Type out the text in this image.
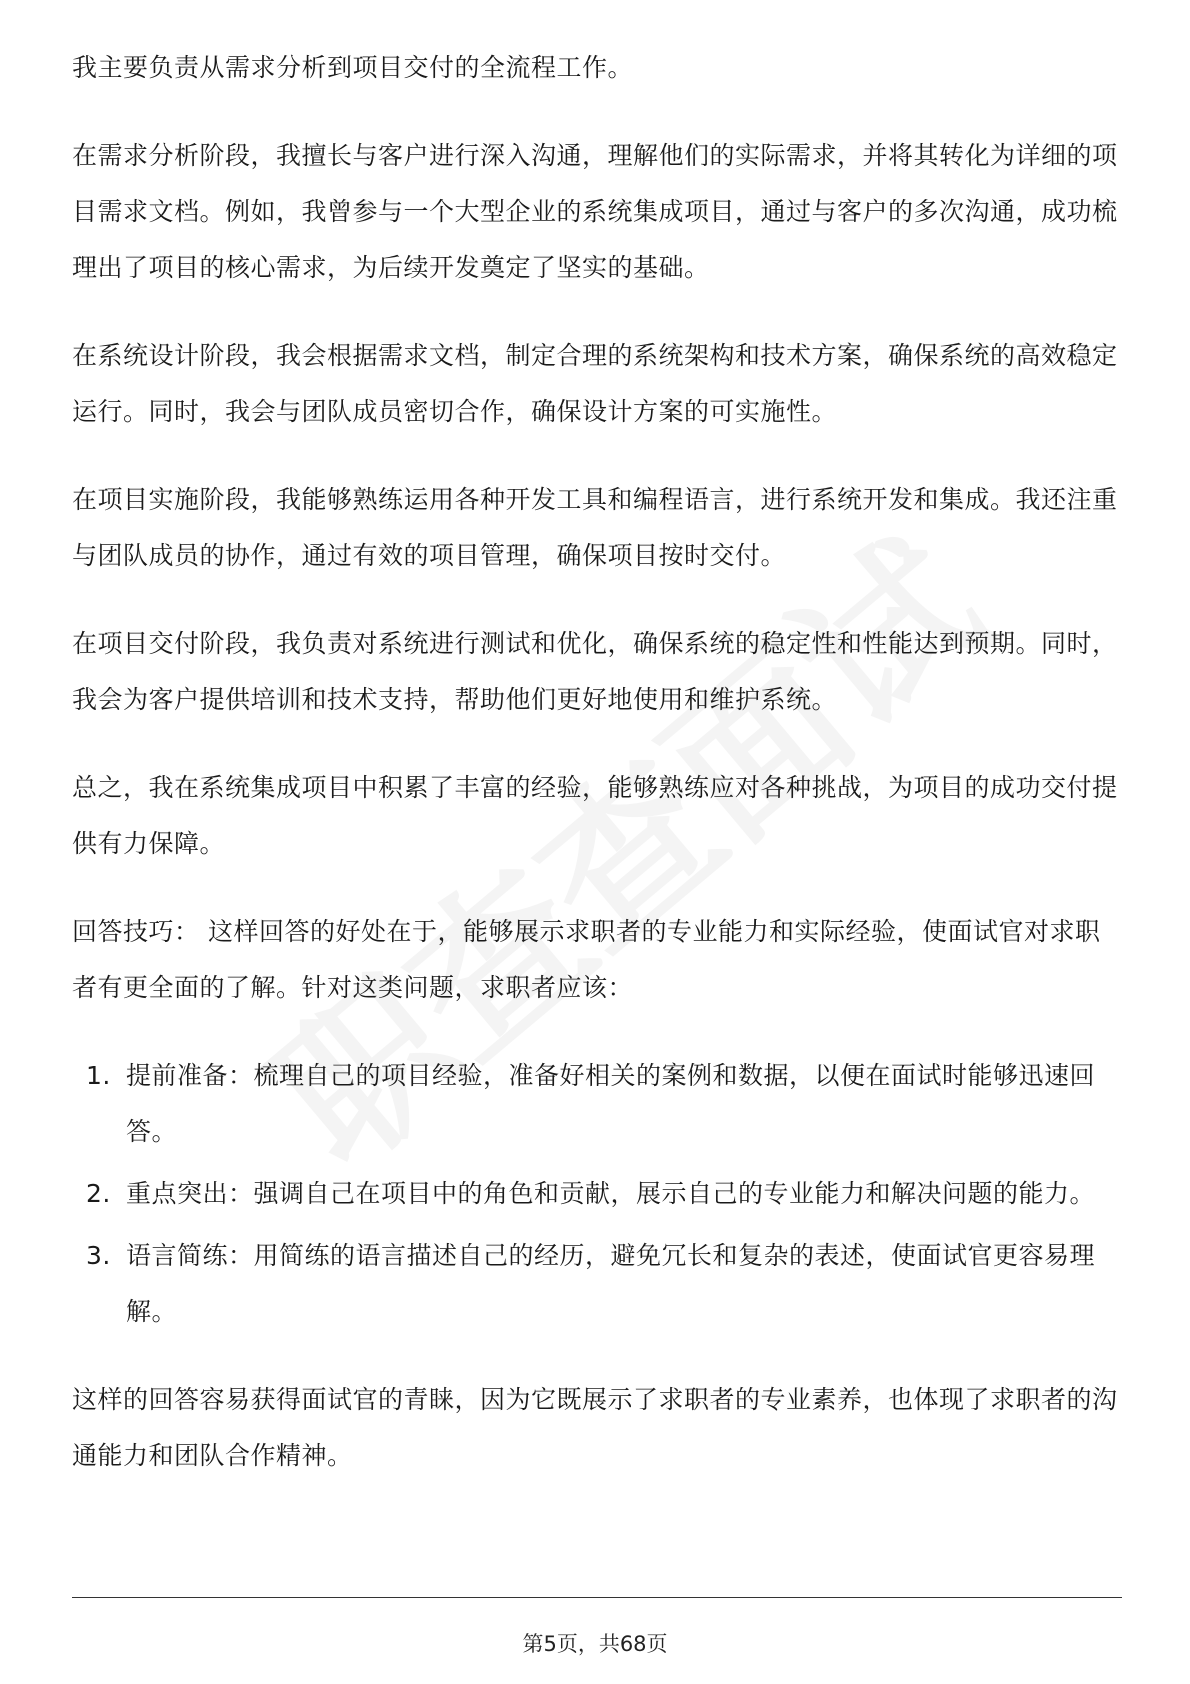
我主要负责从需求分析到项目交付的全流程工作。

在需求分析阶段，我擅长与客户进行深入沟通，理解他们的实际需求，并将其转化为详细的项目需求文档。例如，我曾参与一个大型企业的系统集成项目，通过与客户的多次沟通，成功梳理出了项目的核心需求，为后续开发奠定了坚实的基础。

在系统设计阶段，我会根据需求文档，制定合理的系统架构和技术方案，确保系统的高效稳定运行。同时，我会与团队成员密切合作，确保设计方案的可实施性。

在项目实施阶段，我能够熟练运用各种开发工具和编程语言，进行系统开发和集成。我还注重与团队成员的协作，通过有效的项目管理，确保项目按时交付。

在项目交付阶段，我负责对系统进行测试和优化，确保系统的稳定性和性能达到预期。同时，我会为客户提供培训和技术支持，帮助他们更好地使用和维护系统。

总之，我在系统集成项目中积累了丰富的经验，能够熟练应对各种挑战，为项目的成功交付提供有力保障。

回答技巧： 这样回答的好处在于，能够展示求职者的专业能力和实际经验，使面试官对求职者有更全面的了解。针对这类问题，求职者应该：

1. 提前准备：梳理自己的项目经验，准备好相关的案例和数据，以便在面试时能够迅速回答。
2. 重点突出：强调自己在项目中的角色和贡献，展示自己的专业能力和解决问题的能力。
3. 语言简练：用简练的语言描述自己的经历，避免冗长和复杂的表述，使面试官更容易理解。

这样的回答容易获得面试官的青睐，因为它既展示了求职者的专业素养，也体现了求职者的沟通能力和团队合作精神。

第5页，共68页
